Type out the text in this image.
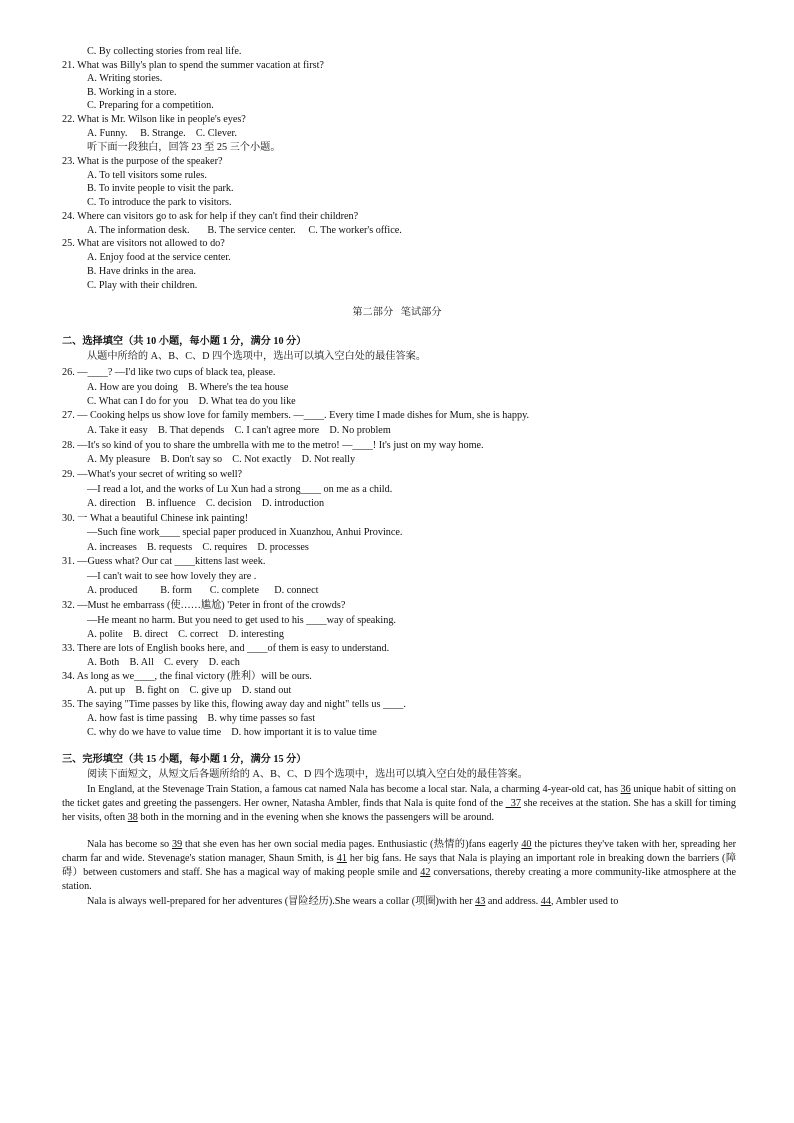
C. By collecting stories from real life.
21. What was Billy's plan to spend the summer vacation at first?
A. Writing stories.
B. Working in a store.
C. Preparing for a competition.
22. What is Mr. Wilson like in people's eyes?
A. Funny.     B. Strange.    C. Clever.
听下面一段独白，回答 23 至 25 三个小题。
23. What is the purpose of the speaker?
A. To tell visitors some rules.
B. To invite people to visit the park.
C. To introduce the park to visitors.
24. Where can visitors go to ask for help if they can't find their children?
A. The information desk.       B. The service center.     C. The worker's office.
25. What are visitors not allowed to do?
A. Enjoy food at the service center.
B. Have drinks in the area.
C. Play with their children.
第二部分   笔试部分
二、选择填空（共 10 小题，每小题 1 分，满分 10 分）
从题中所给的 A、B、C、D 四个选项中，选出可以填入空白处的最佳答案。
26. —____? —I'd like two cups of black tea, please.
A. How are you doing    B. Where's the tea house
C. What can I do for you    D. What tea do you like
27. — Cooking helps us show love for family members. —____. Every time I made dishes for Mum, she is happy.
A. Take it easy    B. That depends    C. I can't agree more    D. No problem
28. —It's so kind of you to share the umbrella with me to the metro! —____! It's just on my way home.
A. My pleasure    B. Don't say so    C. Not exactly    D. Not really
29. —What's your secret of writing so well?
—I read a lot, and the works of Lu Xun had a strong____ on me as a child.
A. direction    B. influence    C. decision    D. introduction
30. 一 What a beautiful Chinese ink painting!
—Such fine work____ special paper produced in Xuanzhou, Anhui Province.
A. increases    B. requests    C. requires    D. processes
31. —Guess what? Our cat ____kittens last week.
—I can't wait to see how lovely they are .
A. produced         B. form       C. complete      D. connect
32. —Must he embarrass (使……尴尬) 'Peter in front of the crowds?
—He meant no harm. But you need to get used to his ____way of speaking.
A. polite    B. direct    C. correct    D. interesting
33. There are lots of English books here, and ____of them is easy to understand.
A. Both    B. All    C. every    D. each
34. As long as we____, the final victory (胜利）will be ours.
A. put up    B. fight on    C. give up    D. stand out
35. The saying "Time passes by like this, flowing away day and night" tells us ____.
A. how fast is time passing    B. why time passes so fast
C. why do we have to value time    D. how important it is to value time
三、完形填空（共 15 小题，每小题 1 分，满分 15 分）
阅读下面短文，从短文后各题所给的 A、B、C、D 四个选项中，选出可以填入空白处的最佳答案。
In England, at the Stevenage Train Station, a famous cat named Nala has become a local star. Nala, a charming 4-year-old cat, has 36 unique habit of sitting on the ticket gates and greeting the passengers. Her owner, Natasha Ambler, finds that Nala is quite fond of the _37 she receives at the station. She has a skill for timing her visits, often 38 both in the morning and in the evening when she knows the passengers will be around.
Nala has become so 39 that she even has her own social media pages. Enthusiastic (热情的)fans eagerly 40 the pictures they've taken with her, spreading her charm far and wide. Stevenage's station manager, Shaun Smith, is 41 her big fans. He says that Nala is playing an important role in breaking down the barriers (障碍）between customers and staff. She has a magical way of making people smile and 42 conversations, thereby creating a more community-like atmosphere at the station.
Nala is always well-prepared for her adventures (冒险经历).She wears a collar (项圈)with her 43 and address. 44, Ambler used to
